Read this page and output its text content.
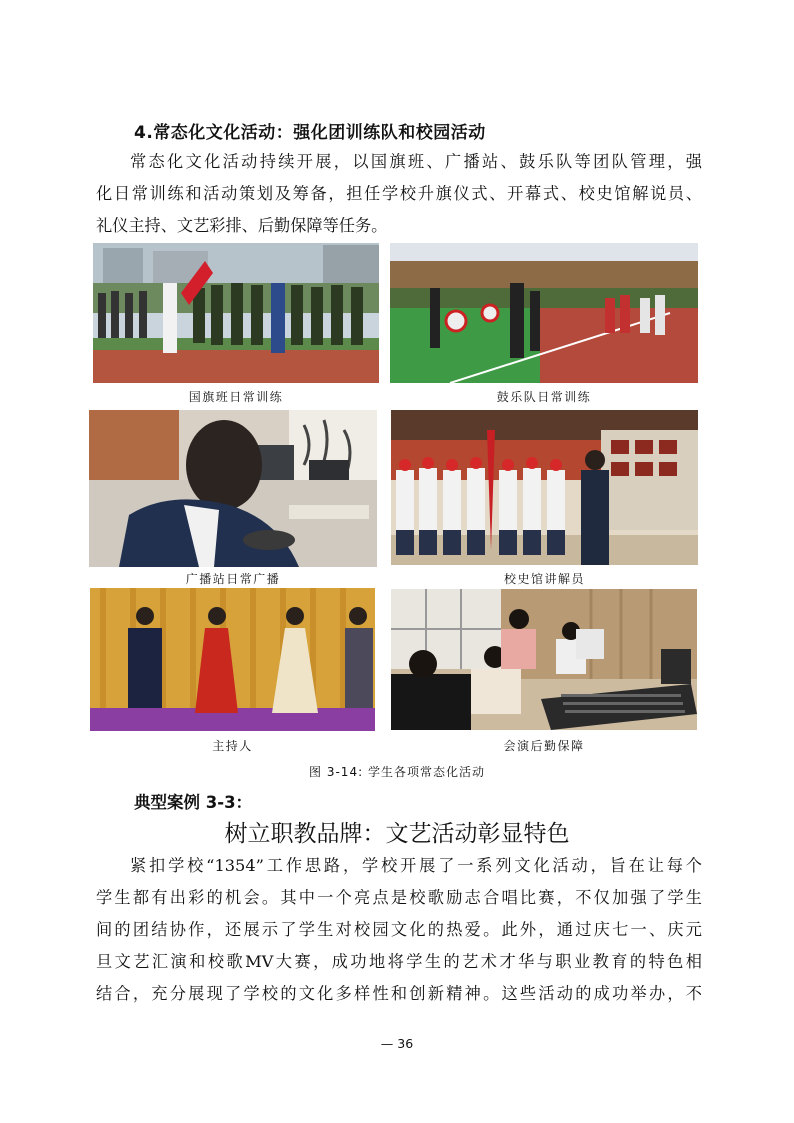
4.常态化文化活动：强化团训练队和校园活动
常态化文化活动持续开展，以国旗班、广播站、鼓乐队等团队管理，强
化日常训练和活动策划及筹备，担任学校升旗仪式、开幕式、校史馆解说员、
礼仪主持、文艺彩排、后勤保障等任务。
国旗班日常训练	鼓乐队日常训练
广播站日常广播	校史馆讲解员
主持人	会演后勤保障
图 3-14: 学生各项常态化活动
典型案例 3-3：
树立职教品牌：文艺活动彰显特色
紧扣学校“1354”工作思路，学校开展了一系列文化活动，旨在让每个
学生都有出彩的机会。其中一个亮点是校歌励志合唱比赛，不仅加强了学生
间的团结协作，还展示了学生对校园文化的热爱。此外，通过庆七一、庆元
旦文艺汇演和校歌MV大赛，成功地将学生的艺术才华与职业教育的特色相
结合，充分展现了学校的文化多样性和创新精神。这些活动的成功举办，不
— 36
